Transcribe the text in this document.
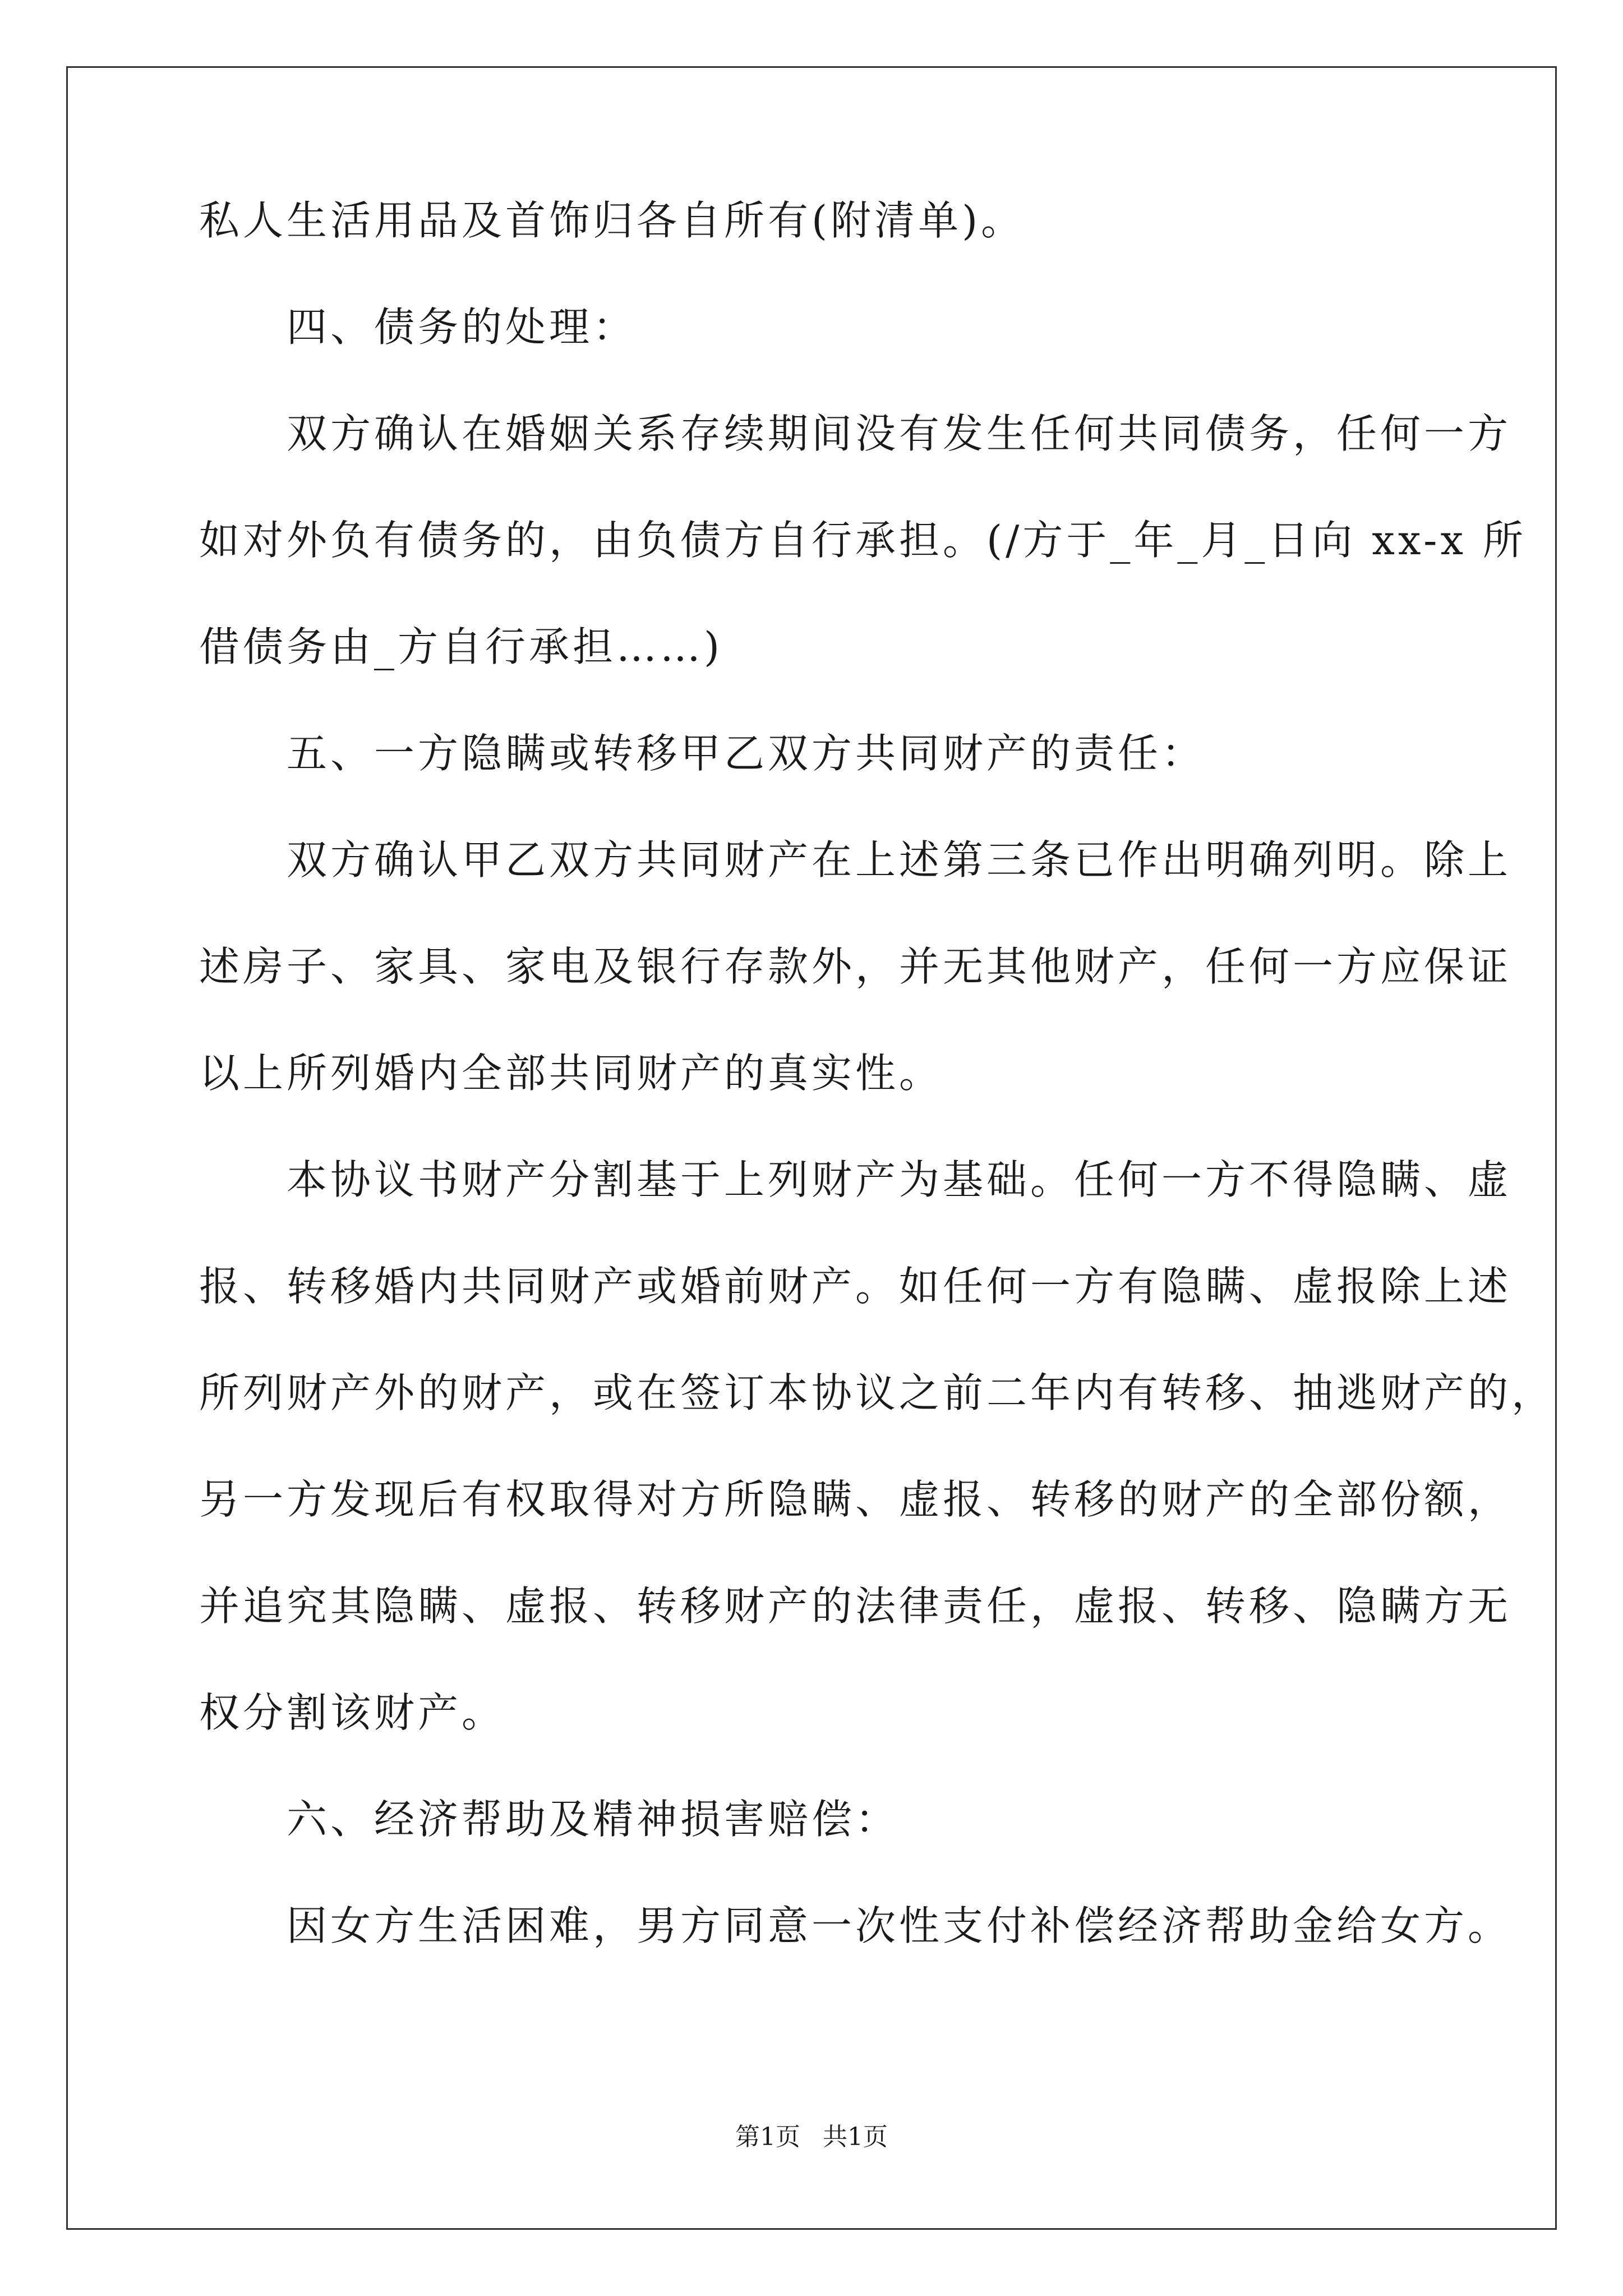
私人生活用品及首饰归各自所有(附清单)。
　　四、债务的处理：
　　双方确认在婚姻关系存续期间没有发生任何共同债务，任何一方
如对外负有债务的，由负债方自行承担。(/方于_年_月_日向 xx-x 所
借债务由_方自行承担……)
　　五、一方隐瞒或转移甲乙双方共同财产的责任：
　　双方确认甲乙双方共同财产在上述第三条已作出明确列明。除上
述房子、家具、家电及银行存款外，并无其他财产，任何一方应保证
以上所列婚内全部共同财产的真实性。
　　本协议书财产分割基于上列财产为基础。任何一方不得隐瞒、虚
报、转移婚内共同财产或婚前财产。如任何一方有隐瞒、虚报除上述
所列财产外的财产，或在签订本协议之前二年内有转移、抽逃财产的，
另一方发现后有权取得对方所隐瞒、虚报、转移的财产的全部份额，
并追究其隐瞒、虚报、转移财产的法律责任，虚报、转移、隐瞒方无
权分割该财产。
　　六、经济帮助及精神损害赔偿：
　　因女方生活困难，男方同意一次性支付补偿经济帮助金给女方。
第1页 共1页
